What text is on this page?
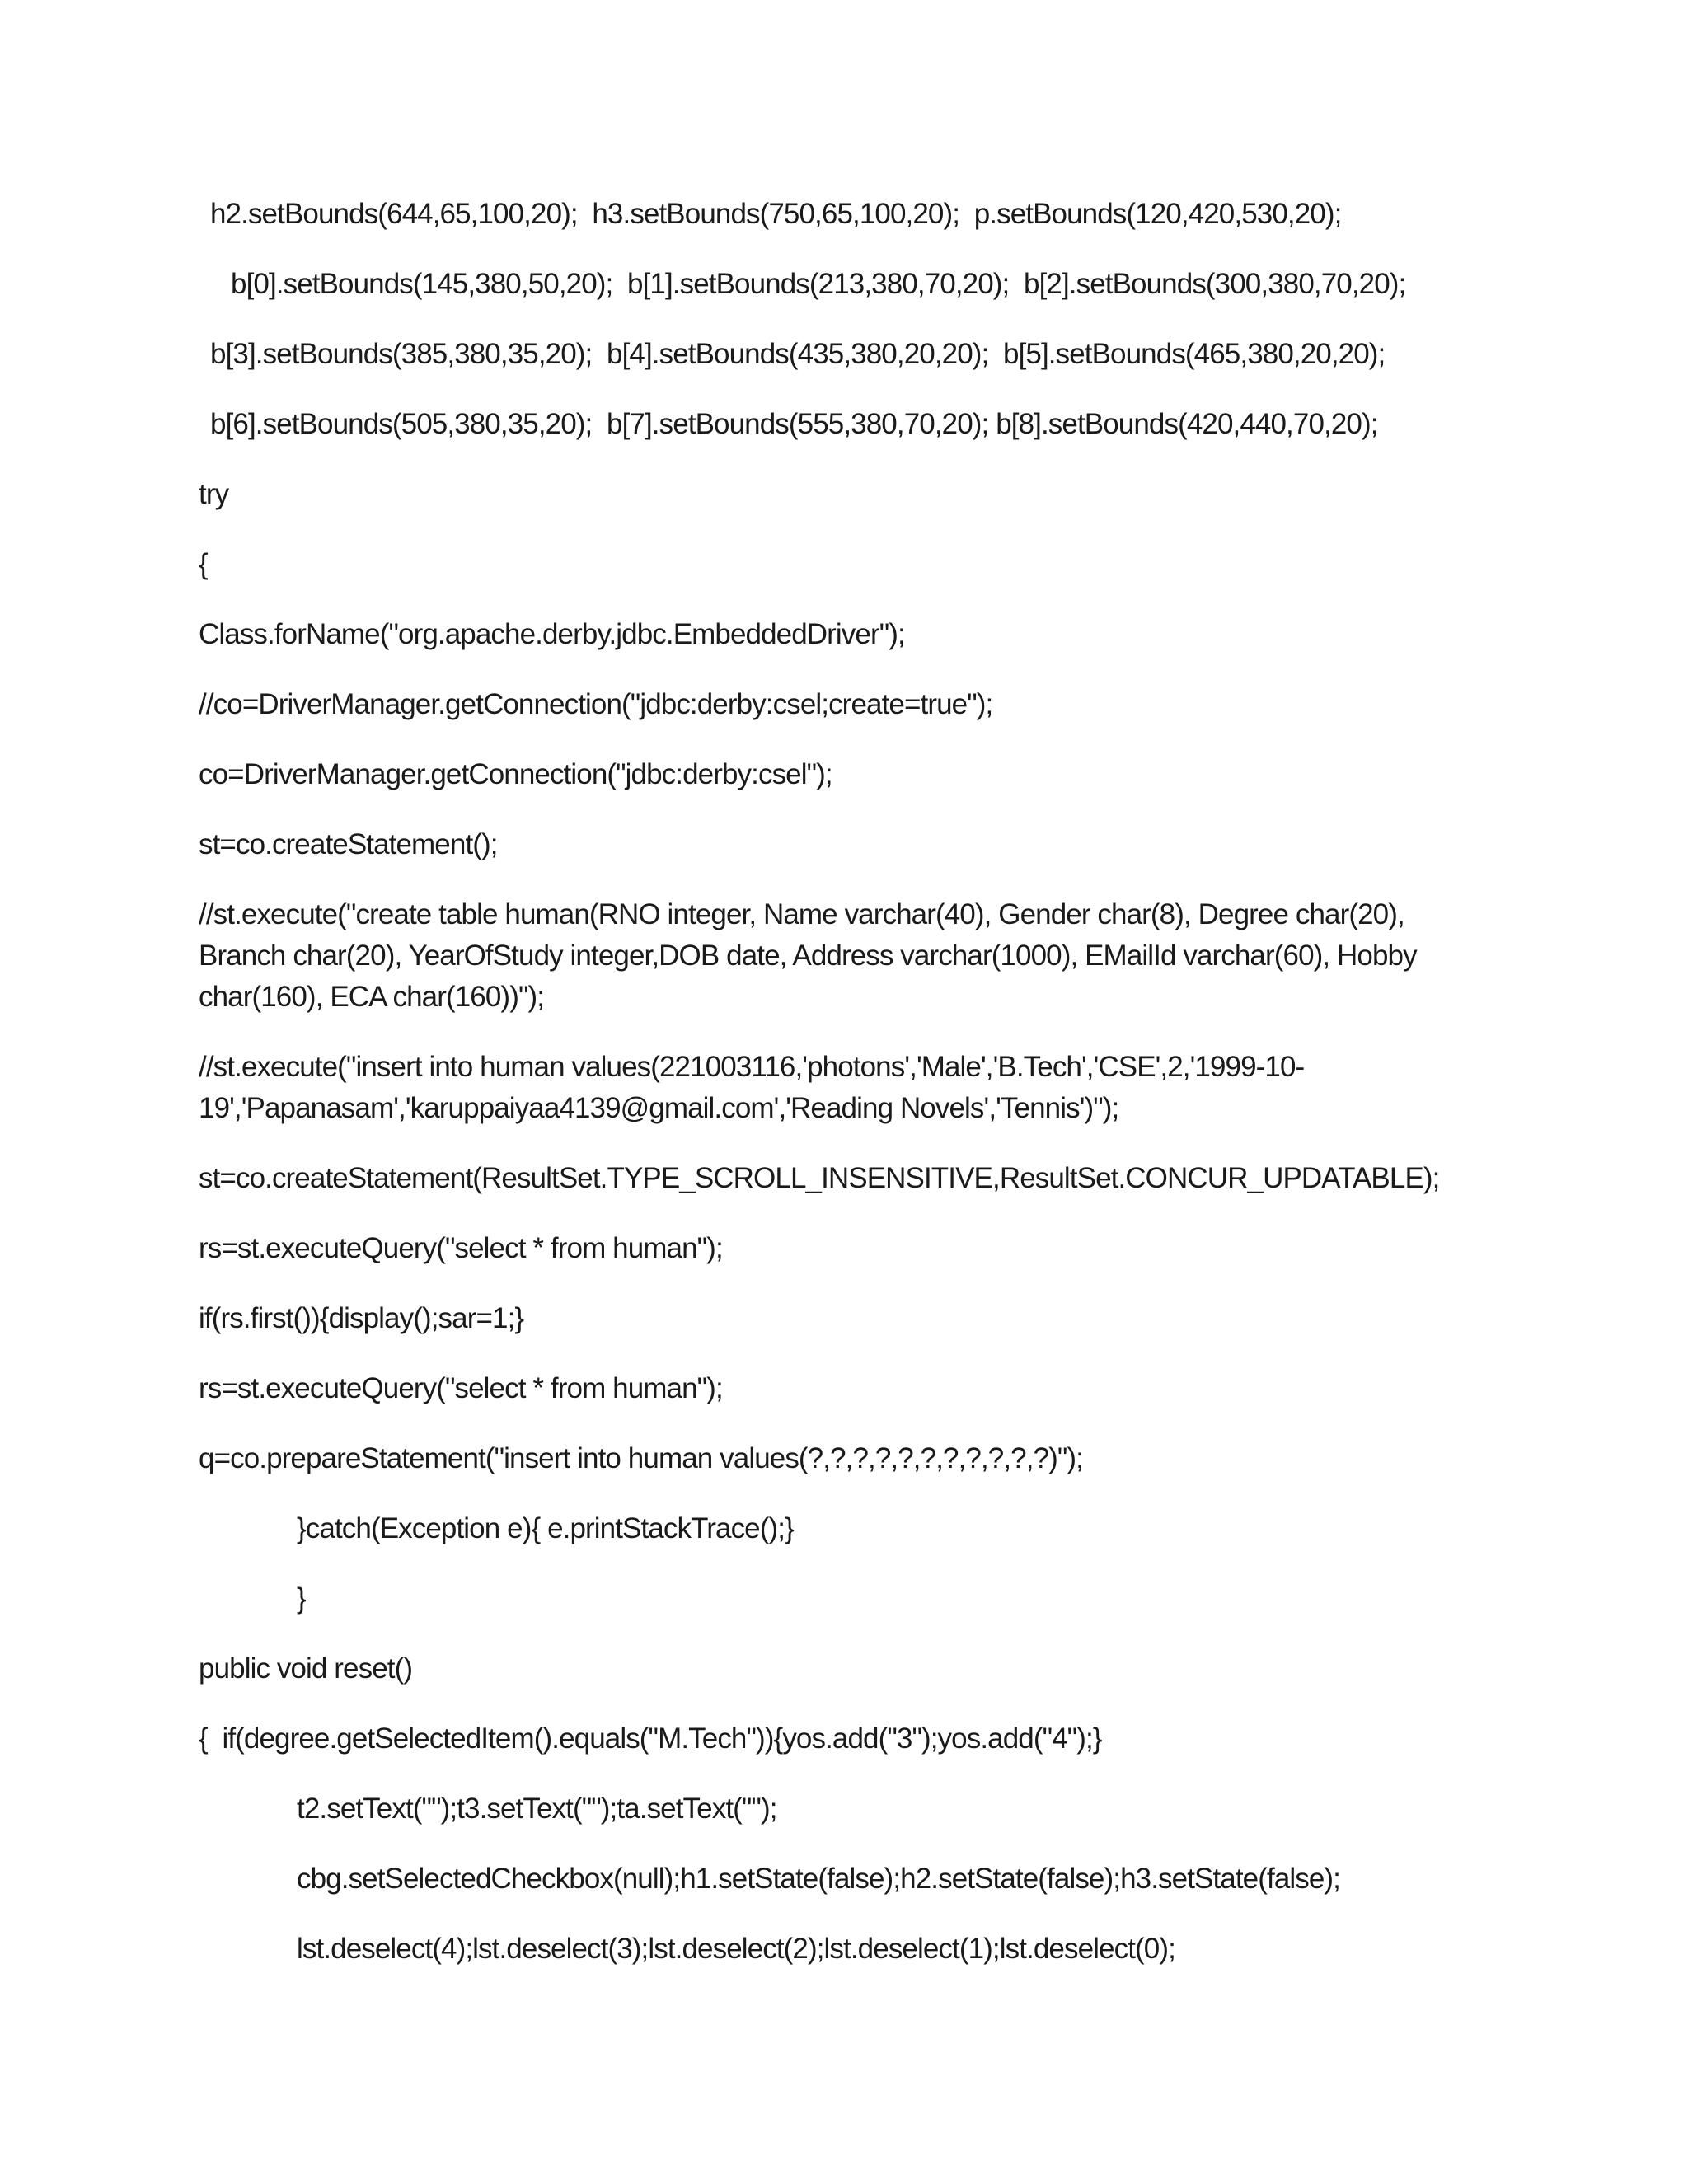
h2.setBounds(644,65,100,20);  h3.setBounds(750,65,100,20);  p.setBounds(120,420,530,20);
b[0].setBounds(145,380,50,20);  b[1].setBounds(213,380,70,20);  b[2].setBounds(300,380,70,20);
b[3].setBounds(385,380,35,20);  b[4].setBounds(435,380,20,20);  b[5].setBounds(465,380,20,20);
b[6].setBounds(505,380,35,20);  b[7].setBounds(555,380,70,20); b[8].setBounds(420,440,70,20);
try
{
Class.forName("org.apache.derby.jdbc.EmbeddedDriver");
//co=DriverManager.getConnection("jdbc:derby:csel;create=true");
co=DriverManager.getConnection("jdbc:derby:csel");
st=co.createStatement();
//st.execute("create table human(RNO integer, Name varchar(40), Gender char(8), Degree char(20),
Branch char(20), YearOfStudy integer,DOB date, Address varchar(1000), EMailId varchar(60), Hobby
char(160), ECA char(160))");
//st.execute("insert into human values(221003116,'photons','Male','B.Tech','CSE',2,'1999-10-
19','Papanasam','karuppaiyaa4139@gmail.com','Reading Novels','Tennis')");
st=co.createStatement(ResultSet.TYPE_SCROLL_INSENSITIVE,ResultSet.CONCUR_UPDATABLE);
rs=st.executeQuery("select * from human");
if(rs.first()){display();sar=1;}
rs=st.executeQuery("select * from human");
q=co.prepareStatement("insert into human values(?,?,?,?,?,?,?,?,?,?,?)");
}catch(Exception e){ e.printStackTrace();}
}
public void reset()
{  if(degree.getSelectedItem().equals("M.Tech")){yos.add("3");yos.add("4");}
t2.setText("");t3.setText("");ta.setText("");
cbg.setSelectedCheckbox(null);h1.setState(false);h2.setState(false);h3.setState(false);
lst.deselect(4);lst.deselect(3);lst.deselect(2);lst.deselect(1);lst.deselect(0);
